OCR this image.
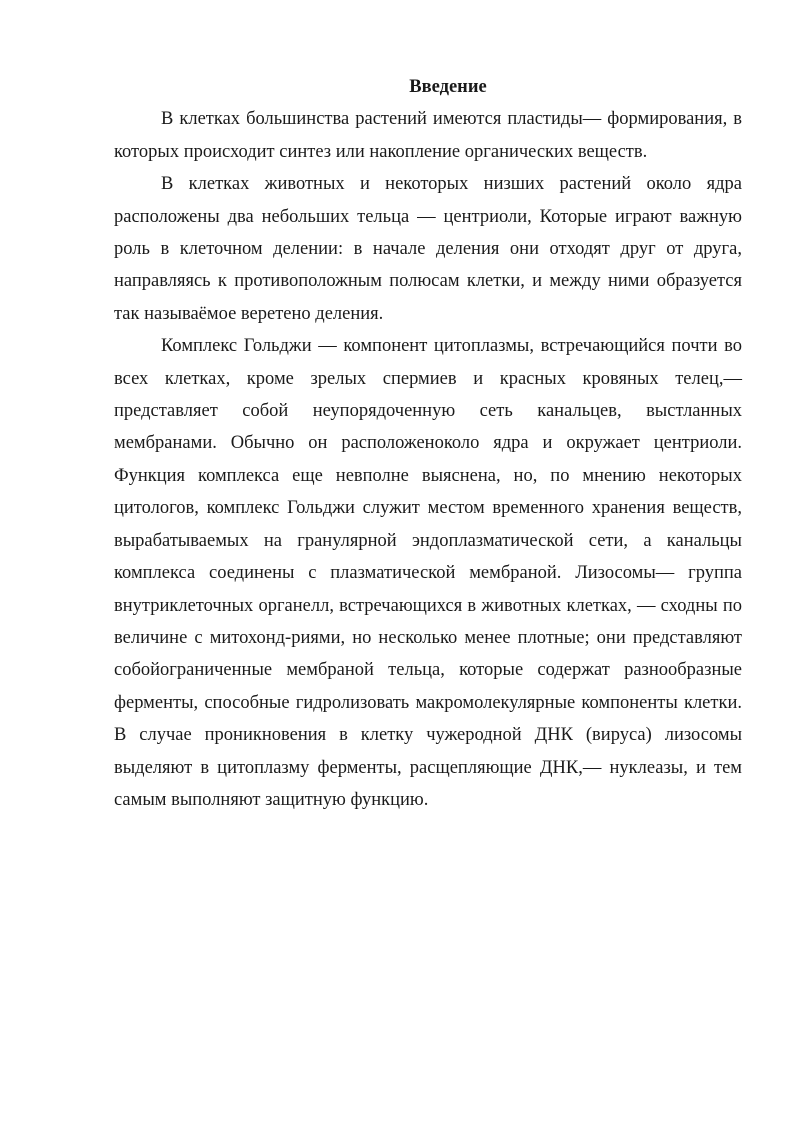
Введение

В клетках большинства растений имеются пластиды— формирования, в которых происходит синтез или накопление органических веществ.

В клетках животных и некоторых низших растений около ядра расположены два небольших тельца — центриоли, Которые играют важную роль в клеточном делении: в начале деления они отходят друг от друга, направляясь к противоположным полюсам клетки, и между ними образуется так называёмое веретено деления.

Комплекс Гольджи — компонент цитоплазмы, встречающийся почти во всех клетках, кроме зрелых спермиев и красных кровяных телец,— представляет собой неупорядоченную сеть канальцев, выстланных мембранами. Обычно он расположеноколо ядра и окружает центриоли. Функция комплекса еще невполне выяснена, но, по мнению некоторых цитологов, комплекс Гольджи служит местом временного хранения веществ, вырабатываемых на гранулярной эндоплазматической сети, а канальцы комплекса соединены с плазматической мембраной. Лизосомы— группа внутриклеточных органелл, встречающихся в животных клетках, — сходны по величине с митохонд-риями, но несколько менее плотные; они представляют собойограниченные мембраной тельца, которые содержат разнообразные ферменты, способные гидролизовать макромолекулярные компоненты клетки. В случае проникновения в клетку чужеродной ДНК (вируса) лизосомы выделяют в цитоплазму ферменты, расщепляющие ДНК,— нуклеазы, и тем самым выполняют защитную функцию.
